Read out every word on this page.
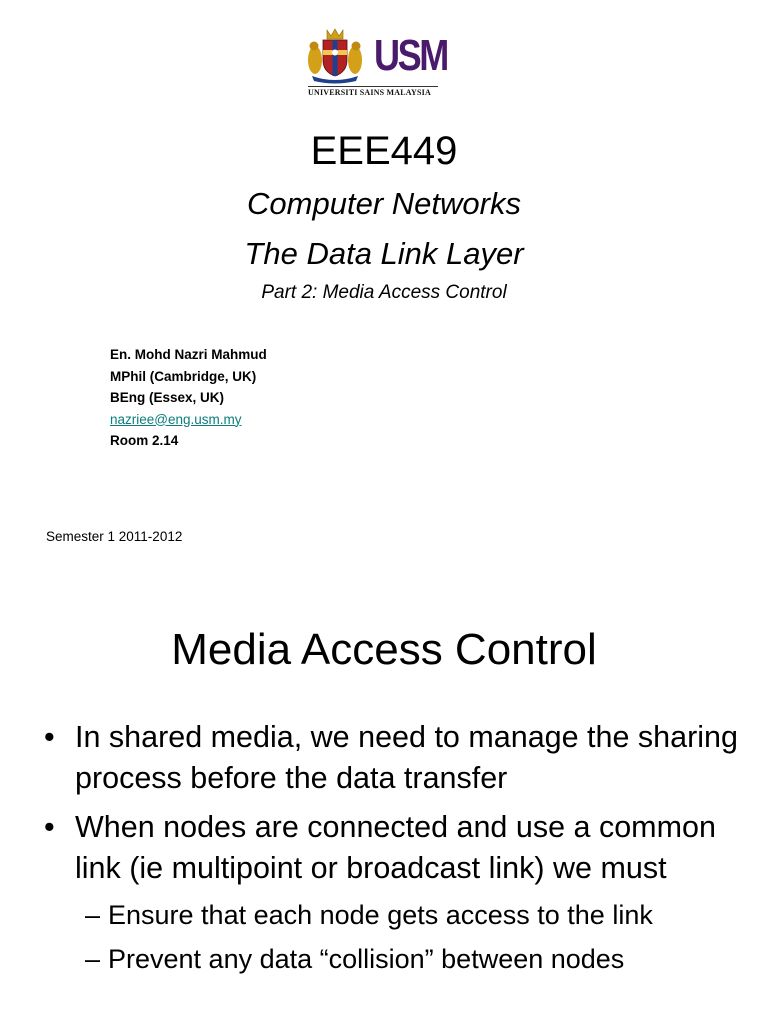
USM
UNIVERSITI SAINS MALAYSIA
EEE449
Computer Networks
The Data Link Layer
Part 2: Media Access Control
En. Mohd Nazri Mahmud
MPhil (Cambridge, UK)
BEng (Essex, UK)
nazriee@eng.usm.my
Room 2.14
Semester 1 2011-2012
Media Access Control
• In shared media, we need to manage the sharing process before the data transfer
• When nodes are connected and use a common link (ie multipoint or broadcast link) we must
– Ensure that each node gets access to the link
– Prevent any data “collision” between nodes
